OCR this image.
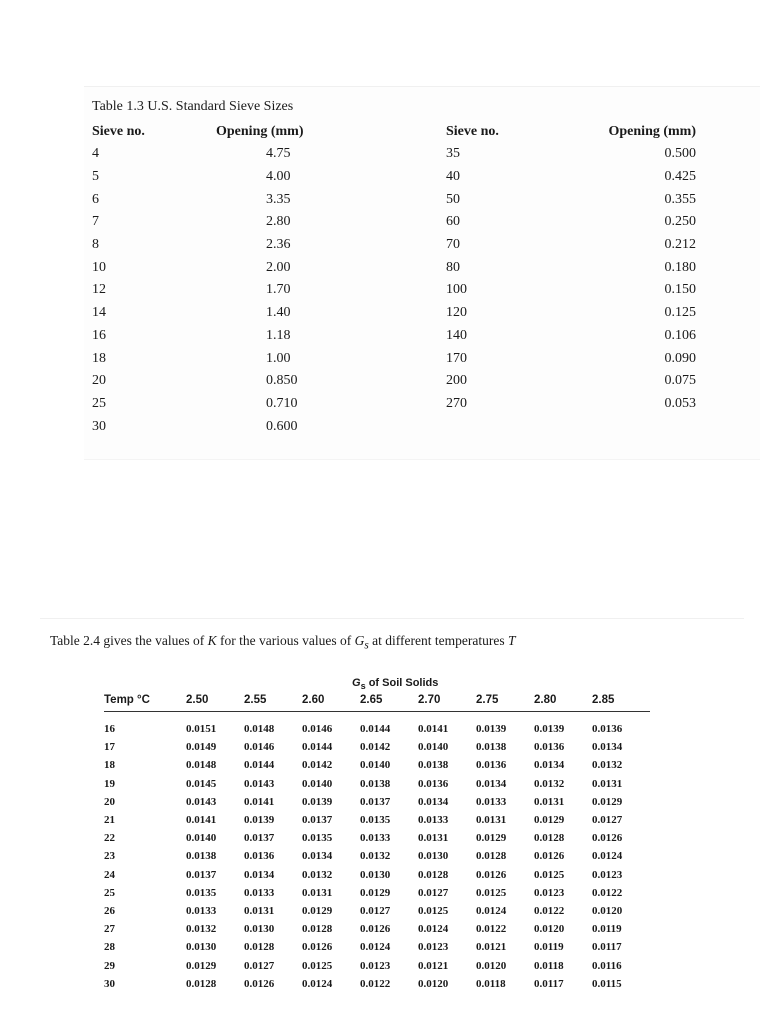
Table 1.3 U.S. Standard Sieve Sizes
Sieve no.	Opening (mm)	Sieve no.	Opening (mm)
4	4.75	35	0.500
5	4.00	40	0.425
6	3.35	50	0.355
7	2.80	60	0.250
8	2.36	70	0.212
10	2.00	80	0.180
12	1.70	100	0.150
14	1.40	120	0.125
16	1.18	140	0.106
18	1.00	170	0.090
20	0.850	200	0.075
25	0.710	270	0.053
30	0.600		
Table 2.4 gives the values of K for the various values of $G_s$ at different temperatures T
$G_s$ of Soil Solids
Temp °C	2.50	2.55	2.60	2.65	2.70	2.75	2.80	2.85
16	0.0151	0.0148	0.0146	0.0144	0.0141	0.0139	0.0139	0.0136
17	0.0149	0.0146	0.0144	0.0142	0.0140	0.0138	0.0136	0.0134
18	0.0148	0.0144	0.0142	0.0140	0.0138	0.0136	0.0134	0.0132
19	0.0145	0.0143	0.0140	0.0138	0.0136	0.0134	0.0132	0.0131
20	0.0143	0.0141	0.0139	0.0137	0.0134	0.0133	0.0131	0.0129
21	0.0141	0.0139	0.0137	0.0135	0.0133	0.0131	0.0129	0.0127
22	0.0140	0.0137	0.0135	0.0133	0.0131	0.0129	0.0128	0.0126
23	0.0138	0.0136	0.0134	0.0132	0.0130	0.0128	0.0126	0.0124
24	0.0137	0.0134	0.0132	0.0130	0.0128	0.0126	0.0125	0.0123
25	0.0135	0.0133	0.0131	0.0129	0.0127	0.0125	0.0123	0.0122
26	0.0133	0.0131	0.0129	0.0127	0.0125	0.0124	0.0122	0.0120
27	0.0132	0.0130	0.0128	0.0126	0.0124	0.0122	0.0120	0.0119
28	0.0130	0.0128	0.0126	0.0124	0.0123	0.0121	0.0119	0.0117
29	0.0129	0.0127	0.0125	0.0123	0.0121	0.0120	0.0118	0.0116
30	0.0128	0.0126	0.0124	0.0122	0.0120	0.0118	0.0117	0.0115
